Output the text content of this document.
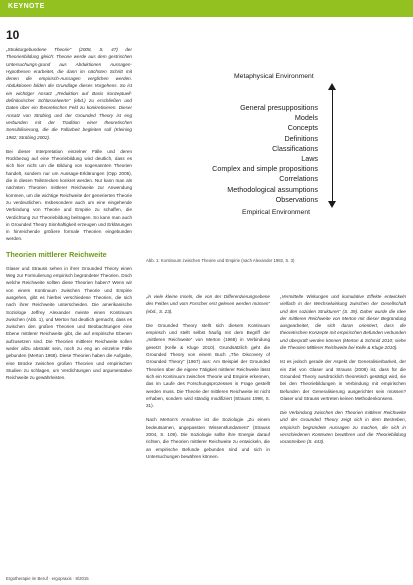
KEYNOTE
10

„Strukturgebundene Theorie“ (2008, S. 47) der Theorienbildung gleich: Theorie werde aus dem gestrischen Untersuchungs-grund aus Abduktionen Aussagen-Hypothesen erarbeitet, die dann im nächsten Schritt mit denen die empirisch-Aussagen verglichen werden. Abduktionen bilden die Grundlage dieses Vorgehens. So ist ein wichtiger Ansatz „Reduktion auf Basis konzeptuell-definitorischer Schlüsselwerte“ (ebd.) zu erschließen und Daten über ein theoretisches Feld zu konkretisieren. Dieser Ansatz von Strübing und der Grounded Theory ist eng verbunden mit der Tradition einer theoretischen Sensibilisierung, die die Fallarbeit begleiten soll (Kleining 1982; Strübing 2002).

Bei dieser Interpretation einzelner Fälle und deren Rückbezug auf eine Theoriebildung wird deutlich, dass es sich hier nicht um die Bildung von sogenannten Theorien handelt, sondern nur um Aussage-Erklärungen (Opp 2005), die in diesen Teilstrecken konkret werden. Nur kann man als nächsten Theorien mittlerer Reichweite zur Anwendung kommen, um die wichtige Reichweite der generierten Theorie zu verdeutlichen. Insbesondere auch um eine eingehende Verbindung von Theorie und Empirie zu schaffen, die Verdichtung zur Theoriebildung beitragen. So kann man auch in Grounded Theory Sinnhaftigkeit erzeugen und Erklärungen in hinreichende größere formale Theorien eingebunden werden.

Theorien mittlerer Reichweite

Glaser und Strauss sehen in ihrer Grounded Theory einen Weg zur Formulierung empirisch begründeter Theorien. Doch welche Reichweite sollten diese Theorien haben? Wenn wir von einem Kontinuum zwischen Theorie und Empirie ausgehen, gibt es hierbei verschiedene Theorien, die sich nach ihrer Reichweite unterscheiden. Die amerikanische Soziologe Jeffrey Alexander meinte einen Kontinuum zwischen (Abb. 1), und Merton hat deutlich gemacht, dass es zwischen den großen Theorien und Beobachtungen eine Ebene mittlerer Reichweite gibt, die auf empirische Ebenen aufzusetzen sind. Die Theorien mittlerer Reichweite sollen weder allzu abstrakt sein, noch zu eng an einzelne Fälle gebunden (Merton 1968). Diese Theorien haben die Aufgabe, eine Brücke zwischen großen Theorien und empirischen Studien zu schlagen, um Verdichtungen und argumentative Reichweite zu gewährleisten.

Metaphysical Environment
General presuppositions
Models
Concepts
Definitions
Classifications
Laws
Complex and simple propositions
Correlations
Methodological assumptions
Observations
Empirical Environment
Abb. 1: Kontinuum zwischen Theorie und Empirie (nach Alexander 1982, S. 3)

„in viele kleine Inseln, die von der Differenzierungsebene des Feldes und vom Forscher erst gelesen werden müssen“ (ebd., S. 23).

Die Grounded Theory stellt sich diesem Kontinuum empirisch und stellt selbst häufig mit dem Begriff der „mittleren Reichweite“ von Merton (1968) in Verbindung gesetzt (Kelle & Kluge 2010). Grundsätzlich geht die Grounded Theory von einem Buch „The Discovery of Grounded Theory“ (1967) aus: Am Beispiel der Grounded Theorien über die eigene Tätigkeit mittlerer Reichweite lässt sich ein Kontinuum zwischen Theorie und Empirie erkennen, das im Laufe des Forschungsprozesses in Frage gestellt werden muss. Die Theorie der mittleren Reichweite ist nicht erhaben, sondern wird ständig modifiziert (Strauss 1998, S. 31).

Nach Merton's Annahme ist die Soziologie „Zu einem bedeutsamen, angepassten Wissensfundament“ (Strauss 2004, S. 109). Die Soziologie sollte ihre Energie darauf richten, die Theorien mittlerer Reichweite zu entwickeln, die an empirische Befunde gebunden sind und sich in Untersuchungen bewähren können.

„Vermittelte Wirkungen und kumulative Effekte entwickeln vielfach in der Wechselwirkung zwischen der Gesellschaft und den sozialen Strukturen“ (S. 39). Daher wurde die Idee der mittleren Reichweite von Merton mit dieser Begründung ausgearbeitet, die sich daran orientiert, dass die theoretischen Konzepte mit empirischen Befunden verbunden und überprüft werden können (Merton & Schmid 2010; siehe die Theorien Mittlerer Reichweite bei Kelle & Kluge 2010).

Ist es jedoch gerade der Aspekt der Generalisierbarkeit, der ein Ziel von Glaser und Strauss (2008) ist, dass für die Grounded Theory ausdrücklich theoretisch gesättigt wird, sie bei den Theoriebildungen in Verbindung mit empirischen Befunden der Generalisierung ausgerichtet sein müssen? Glaser und Strauss vertreten keinen Methodenkonsens.

Die Verbindung zwischen den Theorien mittlerer Reichweite und der Grounded Theory zeigt sich in dem Bestreben, empirisch begründete Aussagen zu machen, die sich in verschiedenen Kontexten bewähren und die Theoriebildung vorantreiben (S. 443).

Ergotherapie im Beruf · ergopraxis · 8/2015
